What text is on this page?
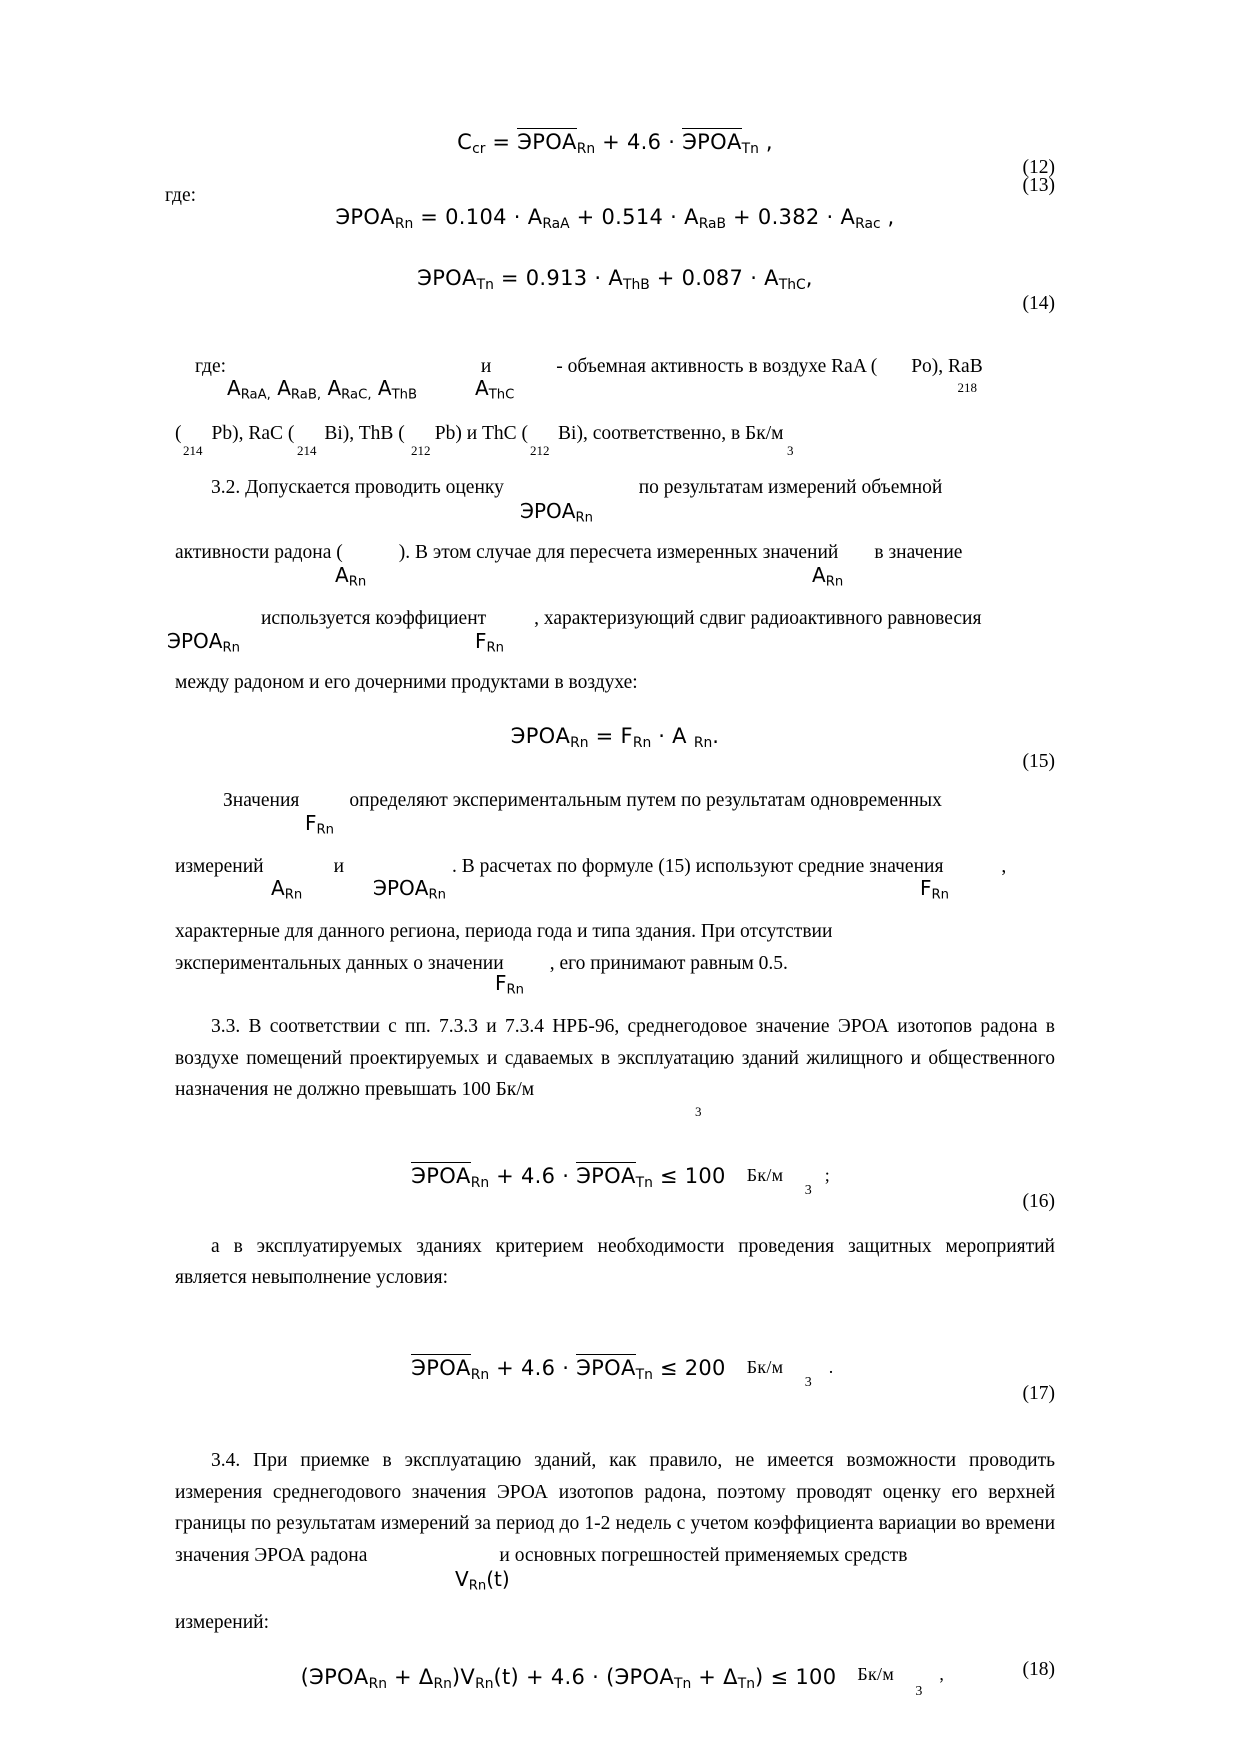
$C_{cr}$ = $ЭРОА_{Rn} + 4.6$ · $ЭРОА_{Tn}$ ,
(12)
где:	(13)
$ЭРОА_{Rn} = 0.104 \cdot A_{RaA} + 0.514 \cdot A_{RaB} + 0.382 \cdot A_{Rac}$ ,
$ЭРОА_{Tn} = 0.913 \cdot A_{ThB} + 0.087 \cdot A_{ThC}$,
(14)
где:	и	- объемная активность в воздухе RaA ( Po), RaB
$A_{RaA,}$ $A_{RaB,}$ $A_{RaC,}$ $A_{ThB}$	$A_{ThC}$
218
( Pb), RaC ( Bi), ThB ( Pb) и ThC ( Bi), соответственно, в Бк/м
214	214	212	212	3
3.2. Допускается проводить оценку	по результатам измерений объемной
$ЭРОА_{Rn}$
активности радона (	). В этом случае для пересчета измеренных значений в значение
$A_{Rn}$	$A_{Rn}$
используется коэффициент , характеризующий сдвиг радиоактивного равновесия
$ЭРОА_{Rn}$	$F_{Rn}$
между радоном и его дочерними продуктами в воздухе:
$ЭРОА_{Rn} = F_{Rn} \cdot A$ $_{Rn}$.
(15)
Значения	определяют экспериментальным путем по результатам одновременных
$F_{Rn}$
измерений	и	. В расчетах по формуле (15) используют средние значения	,
$A_{Rn}$	$ЭРОА_{Rn}$	$F_{Rn}$
характерные для данного региона, периода года и типа здания. При отсутствии
экспериментальных данных о значении , его принимают равным 0.5.
$F_{Rn}$
3.3. В соответствии с пп. 7.3.3 и 7.3.4 НРБ-96, среднегодовое значение ЭРОА изотопов радона в воздухе помещений проектируемых и сдаваемых в эксплуатацию зданий жилищного и общественного назначения не должно превышать 100 Бк/м
3
$ЭРОА_{Rn} + 4.6$ · $ЭРОА_{Tn} \le 100$ Бк/м
3
;
(16)
а в эксплуатируемых зданиях критерием необходимости проведения защитных мероприятий является невыполнение условия:
$ЭРОА_{Rn} + 4.6$ · $ЭРОА_{Tn} \le 200$ Бк/м
3
.
(17)
3.4. При приемке в эксплуатацию зданий, как правило, не имеется возможности проводить измерения среднегодового значения ЭРОА изотопов радона, поэтому проводят оценку его верхней границы по результатам измерений за период до 1-2 недель с учетом коэффициента вариации во времени значения ЭРОА радона	и основных погрешностей применяемых средств
$V_{Rn}(t)$
измерений:
$(ЭРОА_{Rn} + \Delta_{Rn})V_{Rn}(t) + 4.6$ · $(ЭРОА_{Tn} + \Delta_{Tn}) \le 100$ Бк/м
3
,	(18)
